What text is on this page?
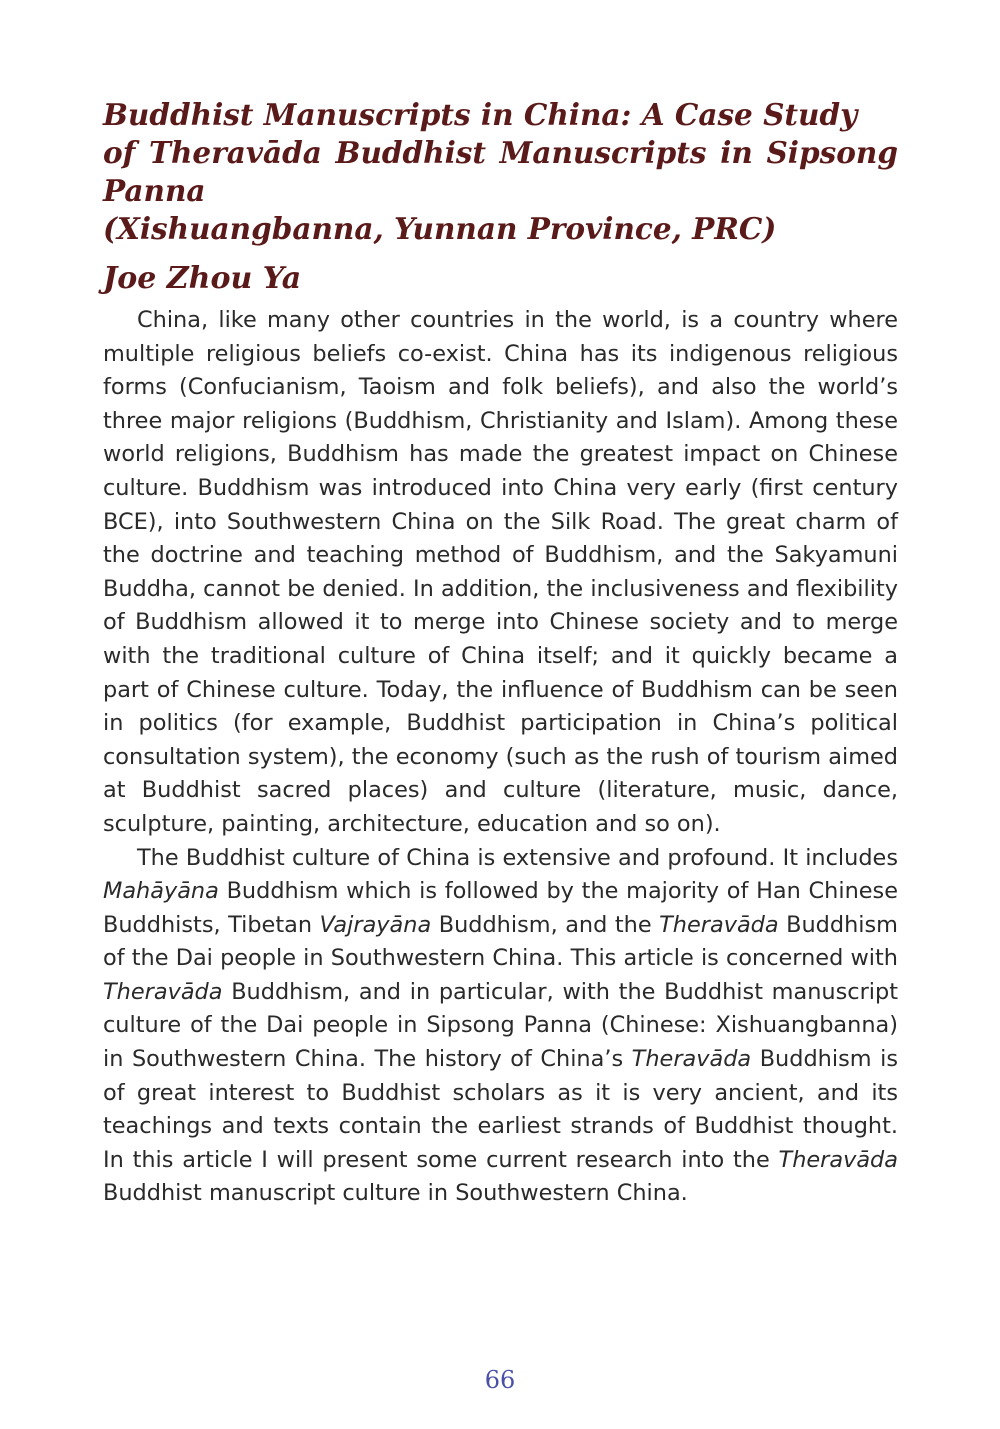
Buddhist Manuscripts in China: A Case Study
of Theravāda Buddhist Manuscripts in Sipsong Panna
(Xishuangbanna, Yunnan Province, PRC)
Joe Zhou Ya

China, like many other countries in the world, is a country where multiple religious beliefs co-exist. China has its indigenous religious forms (Confucianism, Taoism and folk beliefs), and also the world’s three major religions (Buddhism, Christianity and Islam). Among these world religions, Buddhism has made the greatest impact on Chinese culture. Buddhism was introduced into China very early (first century BCE), into Southwestern China on the Silk Road. The great charm of the doctrine and teaching method of Buddhism, and the Sakyamuni Buddha, cannot be denied. In addition, the inclusiveness and flexibility of Buddhism allowed it to merge into Chinese society and to merge with the traditional culture of China itself; and it quickly became a part of Chinese culture. Today, the influence of Buddhism can be seen in politics (for example, Buddhist participation in China’s political consultation system), the economy (such as the rush of tourism aimed at Buddhist sacred places) and culture (literature, music, dance, sculpture, painting, architecture, education and so on).

The Buddhist culture of China is extensive and profound. It includes Mahāyāna Buddhism which is followed by the majority of Han Chinese Buddhists, Tibetan Vajrayāna Buddhism, and the Theravāda Buddhism of the Dai people in Southwestern China. This article is concerned with Theravāda Buddhism, and in particular, with the Buddhist manuscript culture of the Dai people in Sipsong Panna (Chinese: Xishuangbanna) in Southwestern China. The history of China’s Theravāda Buddhism is of great interest to Buddhist scholars as it is very ancient, and its teachings and texts contain the earliest strands of Buddhist thought. In this article I will present some current research into the Theravāda Buddhist manuscript culture in Southwestern China.

66
